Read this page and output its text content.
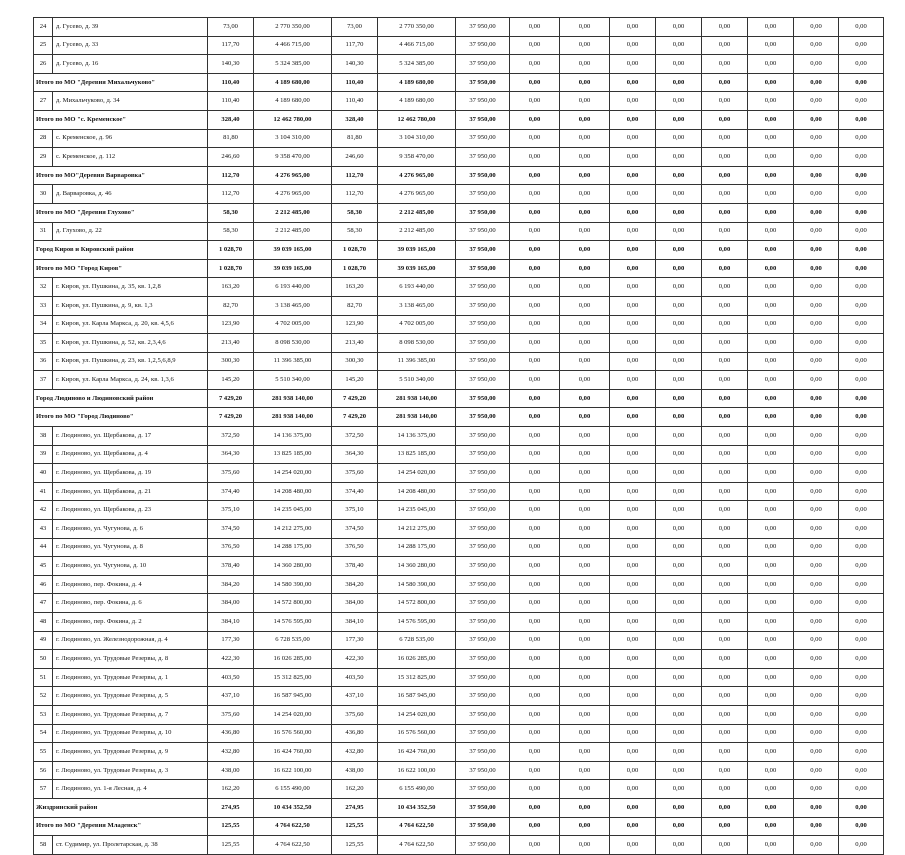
24	д. Гусево, д. 39	73,00	2 770 350,00	73,00	2 770 350,00	37 950,00	0,00	0,00	0,00	0,00	0,00	0,00	0,00	0,00	
25	д. Гусево, д. 33	117,70	4 466 715,00	117,70	4 466 715,00	37 950,00	0,00	0,00	0,00	0,00	0,00	0,00	0,00	0,00	
26	д. Гусево, д. 16	140,30	5 324 385,00	140,30	5 324 385,00	37 950,00	0,00	0,00	0,00	0,00	0,00	0,00	0,00	0,00	
Итого по МО "Деревня Михальчуково"		110,40	4 189 680,00	110,40	4 189 680,00	37 950,00	0,00	0,00	0,00	0,00	0,00	0,00	0,00	0,00	
27	д. Михальчуково, д. 34	110,40	4 189 680,00	110,40	4 189 680,00	37 950,00	0,00	0,00	0,00	0,00	0,00	0,00	0,00	0,00	
Итого по МО "с. Кременское"		328,40	12 462 780,00	328,40	12 462 780,00	37 950,00	0,00	0,00	0,00	0,00	0,00	0,00	0,00	0,00	
28	с. Кременское, д. 96	81,80	3 104 310,00	81,80	3 104 310,00	37 950,00	0,00	0,00	0,00	0,00	0,00	0,00	0,00	0,00	
29	с. Кременское, д. 112	246,60	9 358 470,00	246,60	9 358 470,00	37 950,00	0,00	0,00	0,00	0,00	0,00	0,00	0,00	0,00	
Итого по МО"Деревня Варваровка"		112,70	4 276 965,00	112,70	4 276 965,00	37 950,00	0,00	0,00	0,00	0,00	0,00	0,00	0,00	0,00	
30	д. Варваровка, д. 46	112,70	4 276 965,00	112,70	4 276 965,00	37 950,00	0,00	0,00	0,00	0,00	0,00	0,00	0,00	0,00	
Итого по МО "Деревня Глухово"		58,30	2 212 485,00	58,30	2 212 485,00	37 950,00	0,00	0,00	0,00	0,00	0,00	0,00	0,00	0,00	
31	д. Глухово, д. 22	58,30	2 212 485,00	58,30	2 212 485,00	37 950,00	0,00	0,00	0,00	0,00	0,00	0,00	0,00	0,00	
Город Киров и Кировский район		1 028,70	39 039 165,00	1 028,70	39 039 165,00	37 950,00	0,00	0,00	0,00	0,00	0,00	0,00	0,00	0,00	
Итого по МО "Город Киров"		1 028,70	39 039 165,00	1 028,70	39 039 165,00	37 950,00	0,00	0,00	0,00	0,00	0,00	0,00	0,00	0,00	
32	г. Киров, ул. Пушкина, д. 35, кв. 1,2,8	163,20	6 193 440,00	163,20	6 193 440,00	37 950,00	0,00	0,00	0,00	0,00	0,00	0,00	0,00	0,00	
33	г. Киров, ул. Пушкина, д. 9, кв. 1,3	82,70	3 138 465,00	82,70	3 138 465,00	37 950,00	0,00	0,00	0,00	0,00	0,00	0,00	0,00	0,00	
34	г. Киров, ул. Карла Маркса, д. 20, кв. 4,5,6	123,90	4 702 005,00	123,90	4 702 005,00	37 950,00	0,00	0,00	0,00	0,00	0,00	0,00	0,00	0,00	
35	г. Киров, ул. Пушкина, д. 52, кв. 2,3,4,6	213,40	8 098 530,00	213,40	8 098 530,00	37 950,00	0,00	0,00	0,00	0,00	0,00	0,00	0,00	0,00	
36	г. Киров, ул. Пушкина, д. 23, кв. 1,2,5,6,8,9	300,30	11 396 385,00	300,30	11 396 385,00	37 950,00	0,00	0,00	0,00	0,00	0,00	0,00	0,00	0,00	
37	г. Киров, ул. Карла Маркса, д. 24, кв. 1,3,6	145,20	5 510 340,00	145,20	5 510 340,00	37 950,00	0,00	0,00	0,00	0,00	0,00	0,00	0,00	0,00	
Город Людиново и Людиновский район		7 429,20	281 938 140,00	7 429,20	281 938 140,00	37 950,00	0,00	0,00	0,00	0,00	0,00	0,00	0,00	0,00	
Итого по МО "Город Людиново"		7 429,20	281 938 140,00	7 429,20	281 938 140,00	37 950,00	0,00	0,00	0,00	0,00	0,00	0,00	0,00	0,00	
38	г. Людиново, ул. Щербакова, д. 17	372,50	14 136 375,00	372,50	14 136 375,00	37 950,00	0,00	0,00	0,00	0,00	0,00	0,00	0,00	0,00	
39	г. Людиново, ул. Щербакова, д. 4	364,30	13 825 185,00	364,30	13 825 185,00	37 950,00	0,00	0,00	0,00	0,00	0,00	0,00	0,00	0,00	
40	г. Людиново, ул. Щербакова, д. 19	375,60	14 254 020,00	375,60	14 254 020,00	37 950,00	0,00	0,00	0,00	0,00	0,00	0,00	0,00	0,00	
41	г. Людиново, ул. Щербакова, д. 21	374,40	14 208 480,00	374,40	14 208 480,00	37 950,00	0,00	0,00	0,00	0,00	0,00	0,00	0,00	0,00	
42	г. Людиново, ул. Щербакова, д. 23	375,10	14 235 045,00	375,10	14 235 045,00	37 950,00	0,00	0,00	0,00	0,00	0,00	0,00	0,00	0,00	
43	г. Людиново, ул. Чугунова, д. 6	374,50	14 212 275,00	374,50	14 212 275,00	37 950,00	0,00	0,00	0,00	0,00	0,00	0,00	0,00	0,00	
44	г. Людиново, ул. Чугунова, д. 8	376,50	14 288 175,00	376,50	14 288 175,00	37 950,00	0,00	0,00	0,00	0,00	0,00	0,00	0,00	0,00	
45	г. Людиново, ул. Чугунова, д. 10	378,40	14 360 280,00	378,40	14 360 280,00	37 950,00	0,00	0,00	0,00	0,00	0,00	0,00	0,00	0,00	
46	г. Людиново, пер. Фокина, д. 4	384,20	14 580 390,00	384,20	14 580 390,00	37 950,00	0,00	0,00	0,00	0,00	0,00	0,00	0,00	0,00	
47	г. Людиново, пер. Фокина, д. 6	384,00	14 572 800,00	384,00	14 572 800,00	37 950,00	0,00	0,00	0,00	0,00	0,00	0,00	0,00	0,00	
48	г. Людиново, пер. Фокина, д. 2	384,10	14 576 595,00	384,10	14 576 595,00	37 950,00	0,00	0,00	0,00	0,00	0,00	0,00	0,00	0,00	
49	г. Людиново, ул. Железнодорожная, д. 4	177,30	6 728 535,00	177,30	6 728 535,00	37 950,00	0,00	0,00	0,00	0,00	0,00	0,00	0,00	0,00	
50	г. Людиново, ул. Трудовые Резервы, д. 8	422,30	16 026 285,00	422,30	16 026 285,00	37 950,00	0,00	0,00	0,00	0,00	0,00	0,00	0,00	0,00	
51	г. Людиново, ул. Трудовые Резервы, д. 1	403,50	15 312 825,00	403,50	15 312 825,00	37 950,00	0,00	0,00	0,00	0,00	0,00	0,00	0,00	0,00	
52	г. Людиново, ул. Трудовые Резервы, д. 5	437,10	16 587 945,00	437,10	16 587 945,00	37 950,00	0,00	0,00	0,00	0,00	0,00	0,00	0,00	0,00	
53	г. Людиново, ул. Трудовые Резервы, д. 7	375,60	14 254 020,00	375,60	14 254 020,00	37 950,00	0,00	0,00	0,00	0,00	0,00	0,00	0,00	0,00	
54	г. Людиново, ул. Трудовые Резервы, д. 10	436,80	16 576 560,00	436,80	16 576 560,00	37 950,00	0,00	0,00	0,00	0,00	0,00	0,00	0,00	0,00	
55	г. Людиново, ул. Трудовые Резервы, д. 9	432,80	16 424 760,00	432,80	16 424 760,00	37 950,00	0,00	0,00	0,00	0,00	0,00	0,00	0,00	0,00	
56	г. Людиново, ул. Трудовые Резервы, д. 3	438,00	16 622 100,00	438,00	16 622 100,00	37 950,00	0,00	0,00	0,00	0,00	0,00	0,00	0,00	0,00	
57	г. Людиново, ул. 1-я Лесная, д. 4	162,20	6 155 490,00	162,20	6 155 490,00	37 950,00	0,00	0,00	0,00	0,00	0,00	0,00	0,00	0,00	
Жиздринский район		274,95	10 434 352,50	274,95	10 434 352,50	37 950,00	0,00	0,00	0,00	0,00	0,00	0,00	0,00	0,00	
Итого по МО "Деревня Младенск"		125,55	4 764 622,50	125,55	4 764 622,50	37 950,00	0,00	0,00	0,00	0,00	0,00	0,00	0,00	0,00	
58	ст. Судимир, ул. Пролетарская, д. 38	125,55	4 764 622,50	125,55	4 764 622,50	37 950,00	0,00	0,00	0,00	0,00	0,00	0,00	0,00	0,00	
